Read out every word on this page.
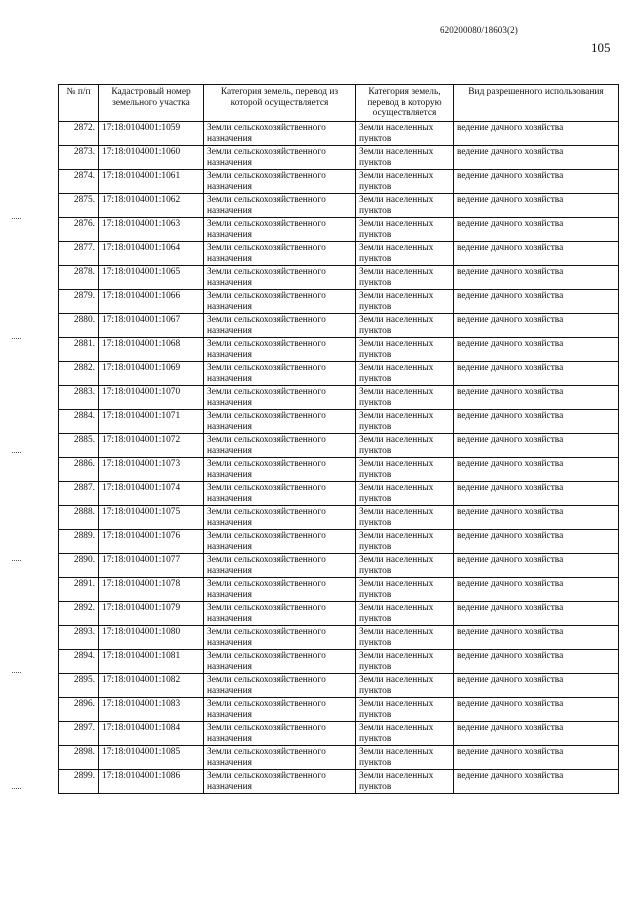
620200080/18603(2)
105
№ п/п	Кадастровый номер земельного участка	Категория земель, перевод из которой осуществляется	Категория земель, перевод в которую осуществляется	Вид разрешенного использования
2872.	17:18:0104001:1059	Земли сельскохозяйственного назначения	Земли населенных пунктов	ведение дачного хозяйства
2873.	17:18:0104001:1060	Земли сельскохозяйственного назначения	Земли населенных пунктов	ведение дачного хозяйства
2874.	17:18:0104001:1061	Земли сельскохозяйственного назначения	Земли населенных пунктов	ведение дачного хозяйства
2875.	17:18:0104001:1062	Земли сельскохозяйственного назначения	Земли населенных пунктов	ведение дачного хозяйства
2876.	17:18:0104001:1063	Земли сельскохозяйственного назначения	Земли населенных пунктов	ведение дачного хозяйства
2877.	17:18:0104001:1064	Земли сельскохозяйственного назначения	Земли населенных пунктов	ведение дачного хозяйства
2878.	17:18:0104001:1065	Земли сельскохозяйственного назначения	Земли населенных пунктов	ведение дачного хозяйства
2879.	17:18:0104001:1066	Земли сельскохозяйственного назначения	Земли населенных пунктов	ведение дачного хозяйства
2880.	17:18:0104001:1067	Земли сельскохозяйственного назначения	Земли населенных пунктов	ведение дачного хозяйства
2881.	17:18:0104001:1068	Земли сельскохозяйственного назначения	Земли населенных пунктов	ведение дачного хозяйства
2882.	17:18:0104001:1069	Земли сельскохозяйственного назначения	Земли населенных пунктов	ведение дачного хозяйства
2883.	17:18:0104001:1070	Земли сельскохозяйственного назначения	Земли населенных пунктов	ведение дачного хозяйства
2884.	17:18:0104001:1071	Земли сельскохозяйственного назначения	Земли населенных пунктов	ведение дачного хозяйства
2885.	17:18:0104001:1072	Земли сельскохозяйственного назначения	Земли населенных пунктов	ведение дачного хозяйства
2886.	17:18:0104001:1073	Земли сельскохозяйственного назначения	Земли населенных пунктов	ведение дачного хозяйства
2887.	17:18:0104001:1074	Земли сельскохозяйственного назначения	Земли населенных пунктов	ведение дачного хозяйства
2888.	17:18:0104001:1075	Земли сельскохозяйственного назначения	Земли населенных пунктов	ведение дачного хозяйства
2889.	17:18:0104001:1076	Земли сельскохозяйственного назначения	Земли населенных пунктов	ведение дачного хозяйства
2890.	17:18:0104001:1077	Земли сельскохозяйственного назначения	Земли населенных пунктов	ведение дачного хозяйства
2891.	17:18:0104001:1078	Земли сельскохозяйственного назначения	Земли населенных пунктов	ведение дачного хозяйства
2892.	17:18:0104001:1079	Земли сельскохозяйственного назначения	Земли населенных пунктов	ведение дачного хозяйства
2893.	17:18:0104001:1080	Земли сельскохозяйственного назначения	Земли населенных пунктов	ведение дачного хозяйства
2894.	17:18:0104001:1081	Земли сельскохозяйственного назначения	Земли населенных пунктов	ведение дачного хозяйства
2895.	17:18:0104001:1082	Земли сельскохозяйственного назначения	Земли населенных пунктов	ведение дачного хозяйства
2896.	17:18:0104001:1083	Земли сельскохозяйственного назначения	Земли населенных пунктов	ведение дачного хозяйства
2897.	17:18:0104001:1084	Земли сельскохозяйственного назначения	Земли населенных пунктов	ведение дачного хозяйства
2898.	17:18:0104001:1085	Земли сельскохозяйственного назначения	Земли населенных пунктов	ведение дачного хозяйства
2899.	17:18:0104001:1086	Земли сельскохозяйственного назначения	Земли населенных пунктов	ведение дачного хозяйства
